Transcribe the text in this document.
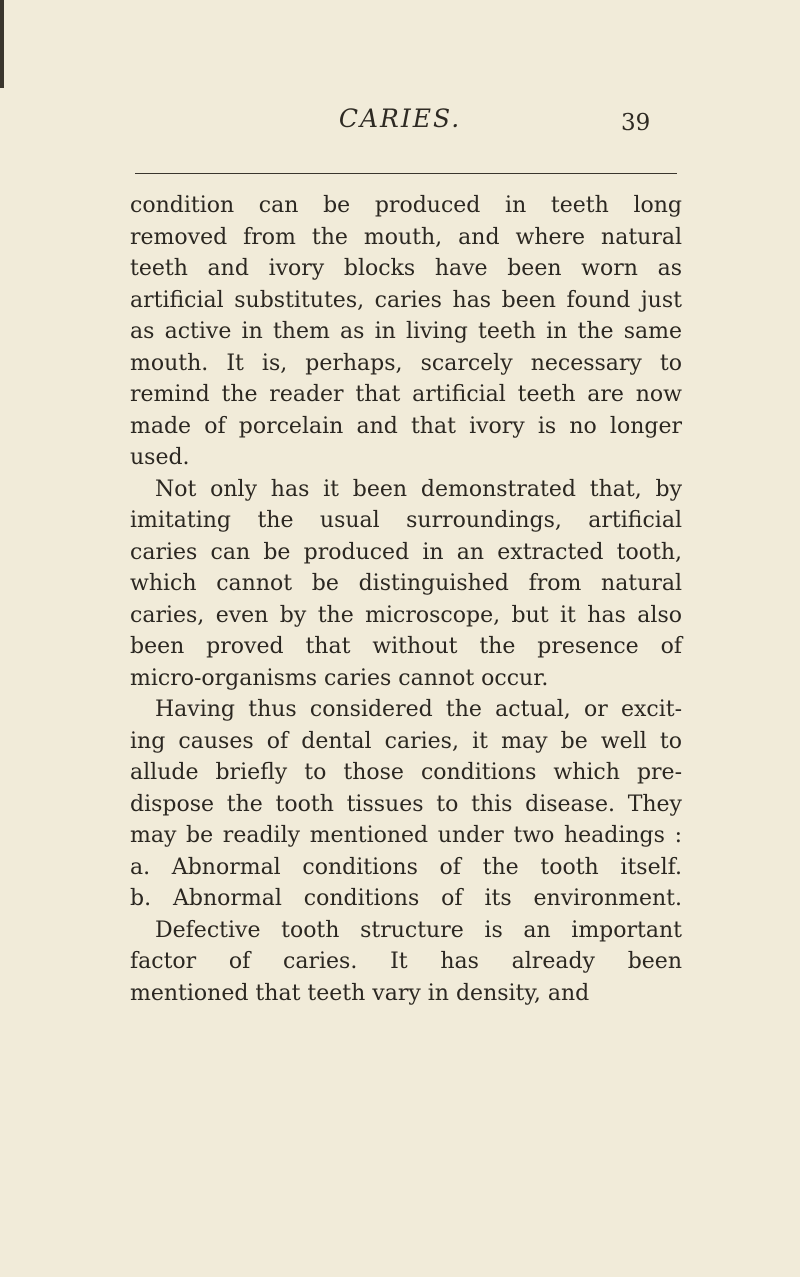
CARIES.	39
condition can be produced in teeth long
removed from the mouth, and where natural
teeth and ivory blocks have been worn as
artificial substitutes, caries has been found just
as active in them as in living teeth in the same
mouth. It is, perhaps, scarcely necessary to
remind the reader that artificial teeth are now
made of porcelain and that ivory is no longer
used.
Not only has it been demonstrated that, by
imitating the usual surroundings, artificial
caries can be produced in an extracted tooth,
which cannot be distinguished from natural
caries, even by the microscope, but it has also
been proved that without the presence of
micro-organisms caries cannot occur.
Having thus considered the actual, or excit-
ing causes of dental caries, it may be well to
allude briefly to those conditions which pre-
dispose the tooth tissues to this disease. They
may be readily mentioned under two headings :
a. Abnormal conditions of the tooth itself.
b. Abnormal conditions of its environment.
Defective tooth structure is an important
factor of caries. It has already been
mentioned that teeth vary in density, and
